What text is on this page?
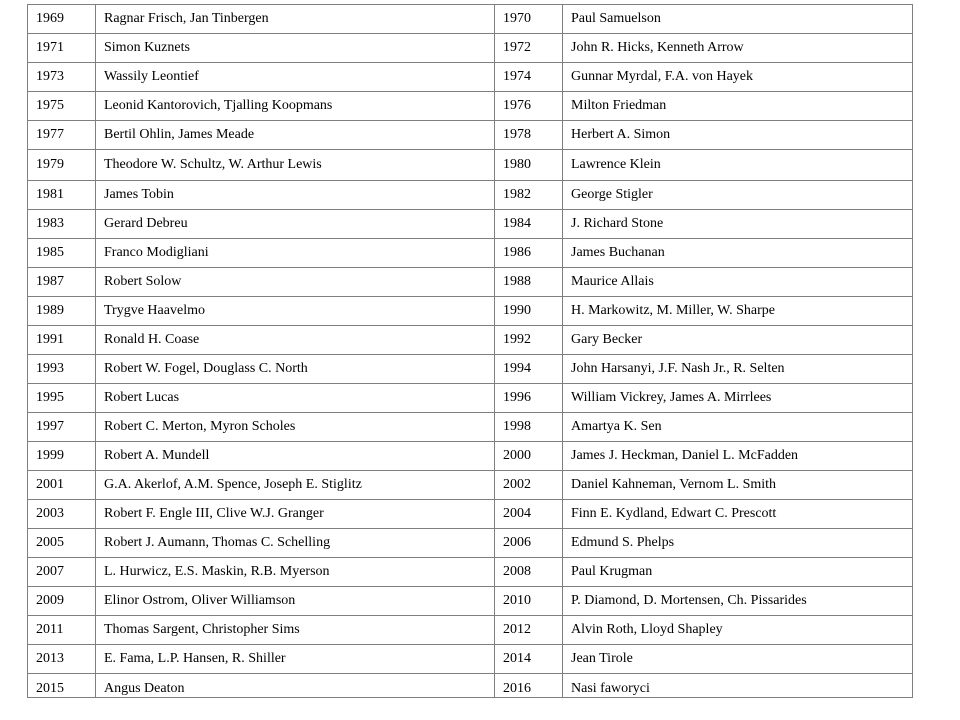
1969	Ragnar Frisch, Jan Tinbergen	1970	Paul Samuelson
1971	Simon Kuznets	1972	John R. Hicks, Kenneth Arrow
1973	Wassily Leontief	1974	Gunnar Myrdal, F.A. von Hayek
1975	Leonid Kantorovich, Tjalling Koopmans	1976	Milton Friedman
1977	Bertil Ohlin, James Meade	1978	Herbert A. Simon
1979	Theodore W. Schultz, W. Arthur Lewis	1980	Lawrence Klein
1981	James Tobin	1982	George Stigler
1983	Gerard Debreu	1984	J. Richard Stone
1985	Franco Modigliani	1986	James Buchanan
1987	Robert Solow	1988	Maurice Allais
1989	Trygve Haavelmo	1990	H. Markowitz, M. Miller, W. Sharpe
1991	Ronald H. Coase	1992	Gary Becker
1993	Robert W. Fogel, Douglass C. North	1994	John Harsanyi, J.F. Nash Jr., R. Selten
1995	Robert Lucas	1996	William Vickrey, James A. Mirrlees
1997	Robert C. Merton, Myron Scholes	1998	Amartya K. Sen
1999	Robert A. Mundell	2000	James J. Heckman, Daniel L. McFadden
2001	G.A. Akerlof, A.M. Spence, Joseph E. Stiglitz	2002	Daniel Kahneman, Vernom L. Smith
2003	Robert F. Engle III, Clive W.J. Granger	2004	Finn E. Kydland, Edwart C. Prescott
2005	Robert J. Aumann, Thomas C. Schelling	2006	Edmund S. Phelps
2007	L. Hurwicz, E.S. Maskin, R.B. Myerson	2008	Paul Krugman
2009	Elinor Ostrom, Oliver Williamson	2010	P. Diamond, D. Mortensen, Ch. Pissarides
2011	Thomas Sargent, Christopher Sims	2012	Alvin Roth, Lloyd Shapley
2013	E. Fama, L.P. Hansen, R. Shiller	2014	Jean Tirole
2015	Angus Deaton	2016	Nasi faworyci
